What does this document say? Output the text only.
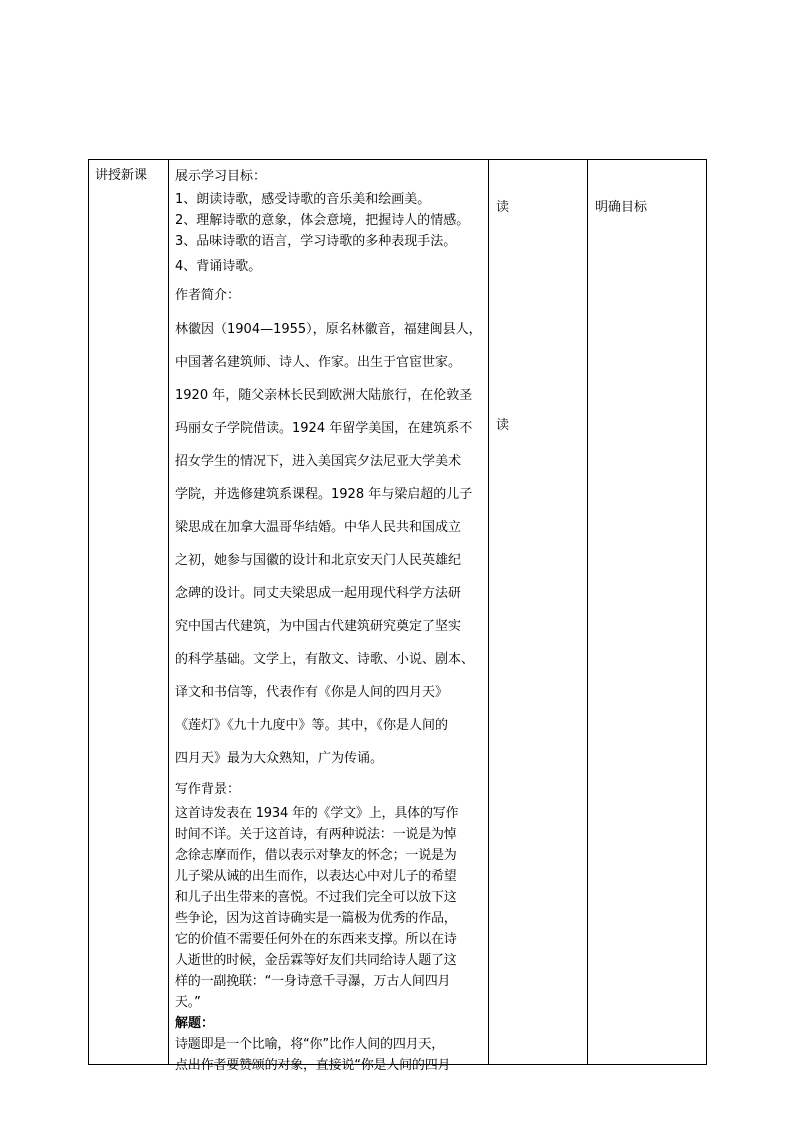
讲授新课 展示学习目标：

1、朗读诗歌，感受诗歌的音乐美和绘画美。

2、理解诗歌的意象，体会意境，把握诗人的情感。

3、品味诗歌的语言，学习诗歌的多种表现手法。

4、背诵诗歌。

作者简介：

林徽因（1904—1955），原名林徽音，福建闽县人，

中国著名建筑师、诗人、作家。出生于官宦世家。

1920 年，随父亲林长民到欧洲大陆旅行，在伦敦圣

玛丽女子学院借读。1924 年留学美国，在建筑系不

招女学生的情况下，进入美国宾夕法尼亚大学美术

学院，并选修建筑系课程。1928 年与梁启超的儿子

梁思成在加拿大温哥华结婚。中华人民共和国成立

之初，她参与国徽的设计和北京安天门人民英雄纪

念碑的设计。同丈夫梁思成一起用现代科学方法研

究中国古代建筑，为中国古代建筑研究奠定了坚实

的科学基础。文学上，有散文、诗歌、小说、剧本、

译文和书信等，代表作有《你是人间的四月天》

《莲灯》《九十九度中》等。其中，《你是人间的

四月天》最为大众熟知，广为传诵。

写作背景：

这首诗发表在 1934 年的《学文》上，具体的写作

时间不详。关于这首诗，有两种说法：一说是为悼

念徐志摩而作，借以表示对挚友的怀念；一说是为

儿子梁从诫的出生而作，以表达心中对儿子的希望

和儿子出生带来的喜悦。不过我们完全可以放下这

些争论，因为这首诗确实是一篇极为优秀的作品，

它的价值不需要任何外在的东西来支撑。所以在诗

人逝世的时候，金岳霖等好友们共同给诗人题了这

样的一副挽联：“一身诗意千寻瀑，万古人间四月

天。”

解题：

诗题即是一个比喻，将“你”比作人间的四月天，

点出作者要赞颂的对象，直接说“你是人间的四月

读
读
明确目标
